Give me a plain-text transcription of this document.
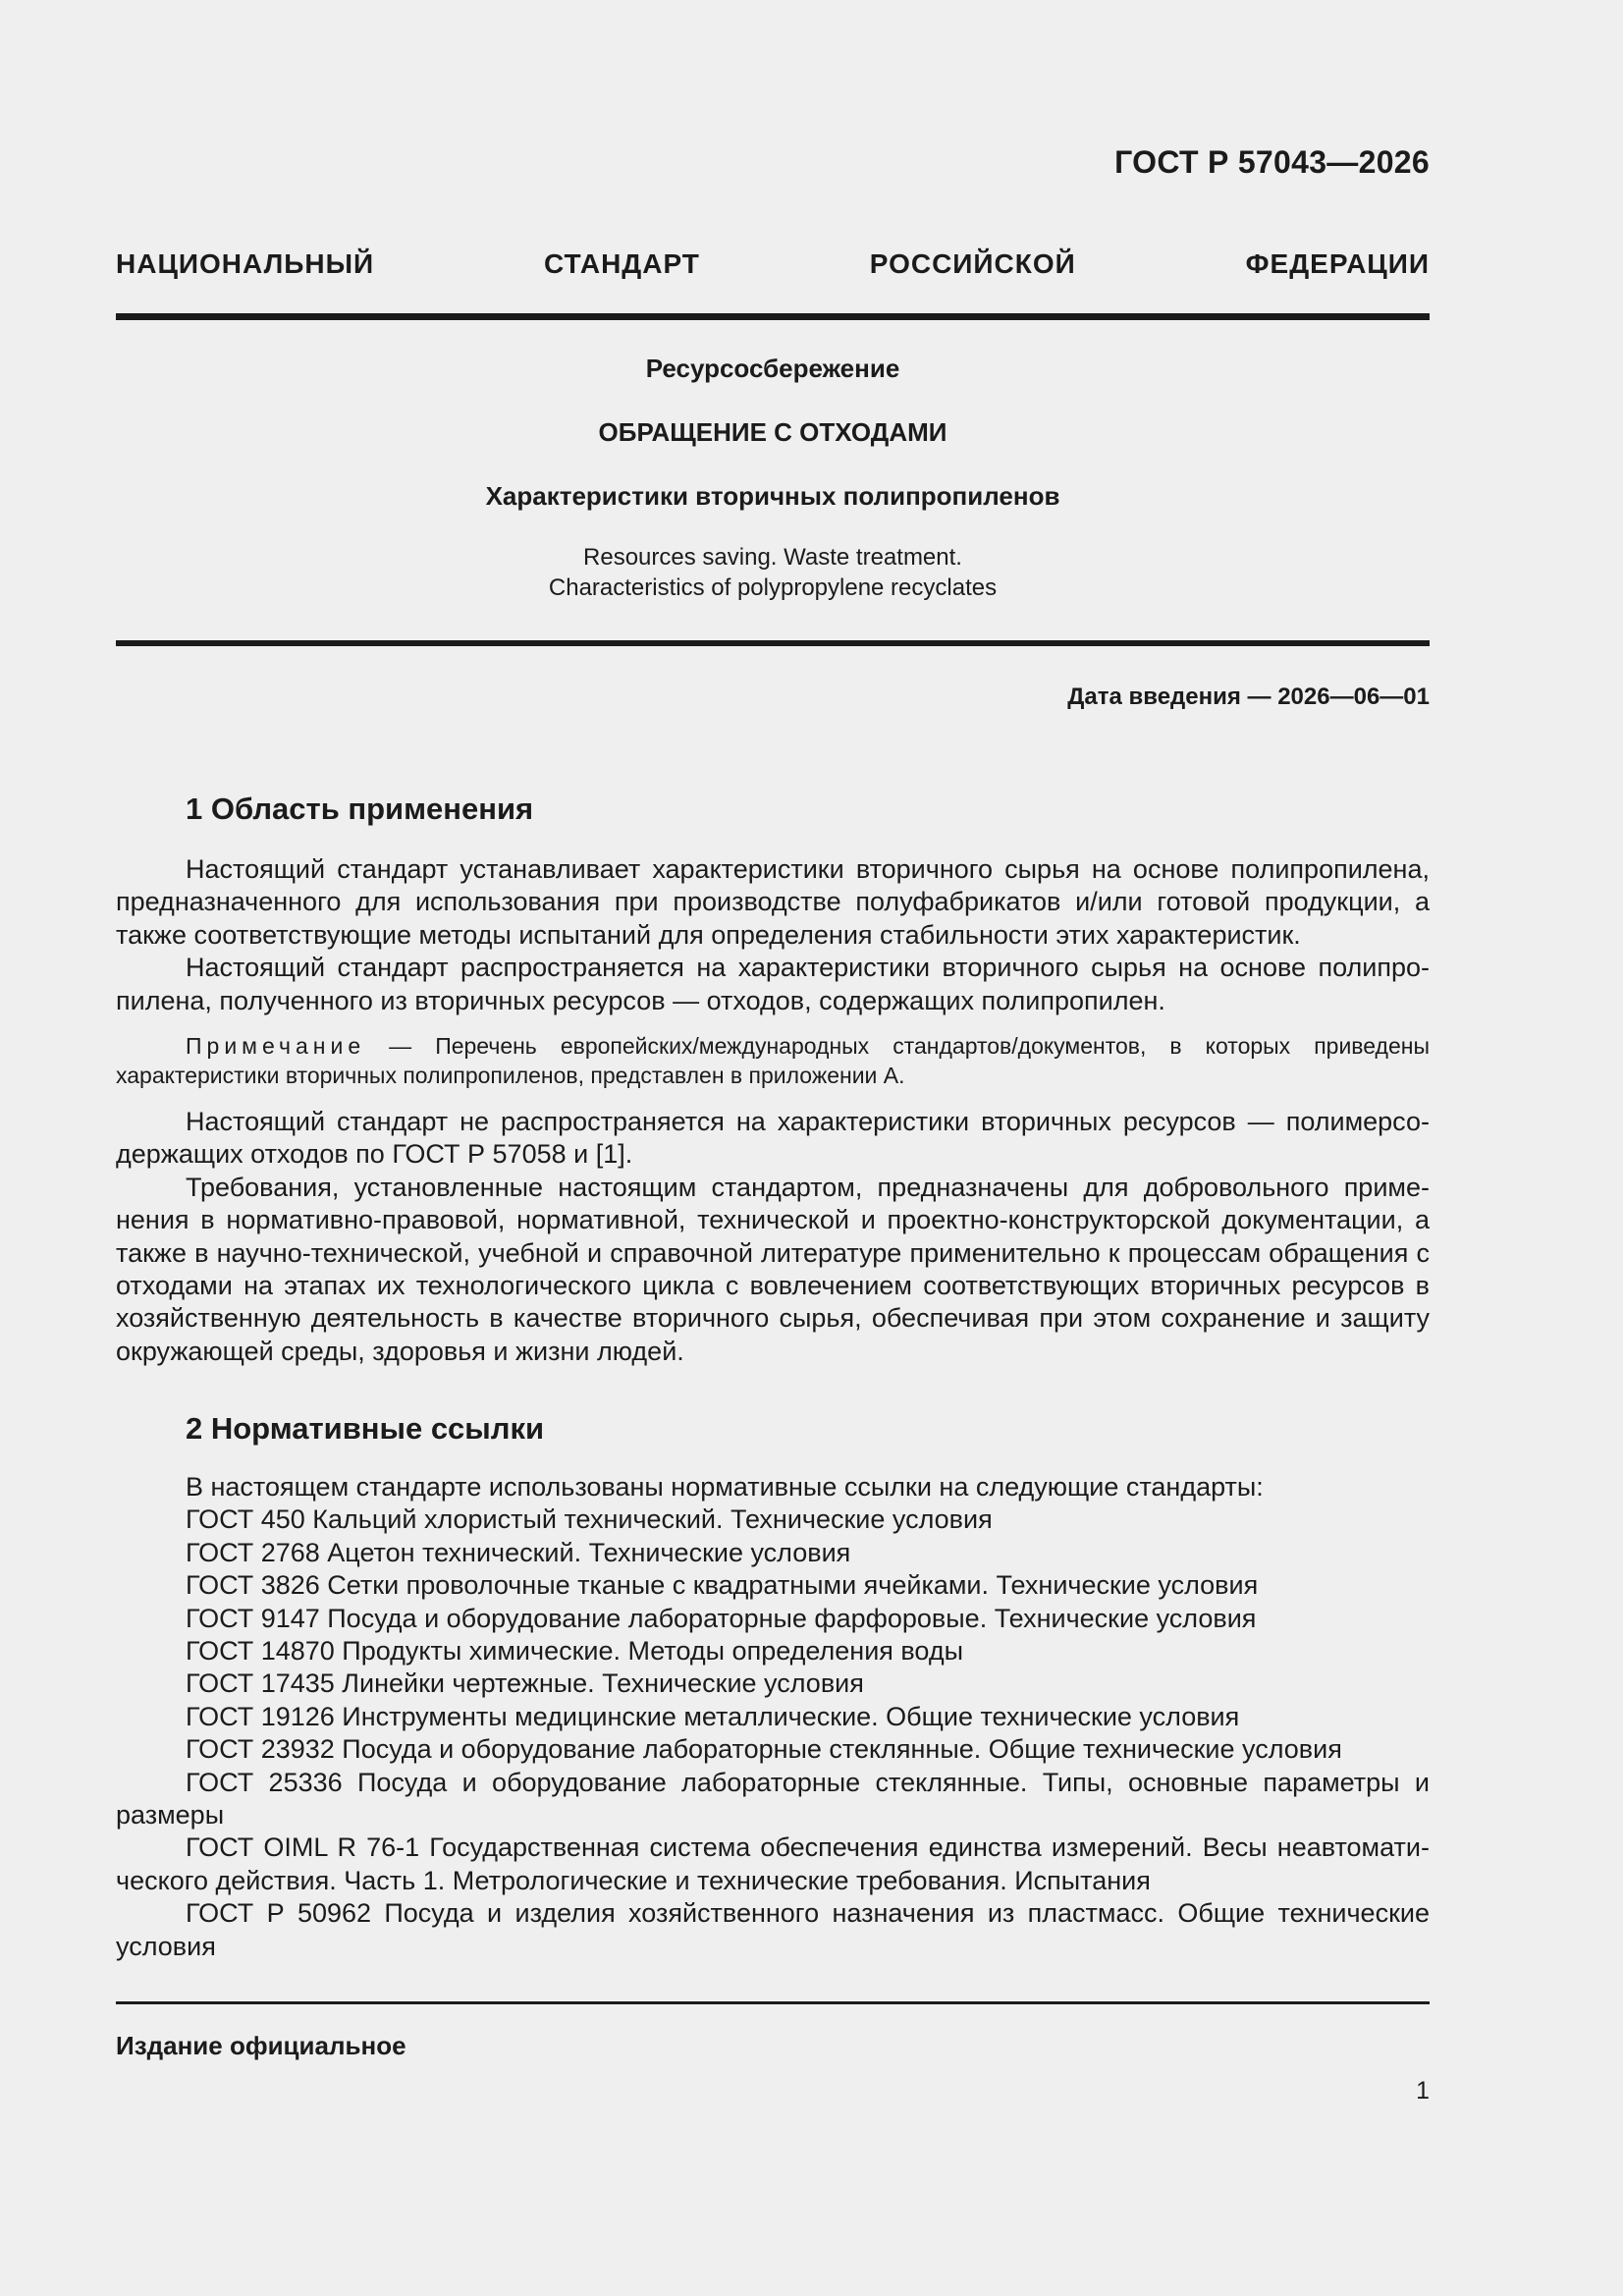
ГОСТ Р 57043—2026
НАЦИОНАЛЬНЫЙ СТАНДАРТ РОССИЙСКОЙ ФЕДЕРАЦИИ
Ресурсосбережение
ОБРАЩЕНИЕ С ОТХОДАМИ
Характеристики вторичных полипропиленов
Resources saving. Waste treatment.
Characteristics of polypropylene recyclates
Дата введения — 2026—06—01
1 Область применения

Настоящий стандарт устанавливает характеристики вторичного сырья на основе полипропилена, предназначенного для использования при производстве полуфабрикатов и/или готовой продукции, а также соответствующие методы испытаний для определения стабильности этих характеристик.

Настоящий стандарт распространяется на характеристики вторичного сырья на основе полипропилена, полученного из вторичных ресурсов — отходов, содержащих полипропилен.

Примечание — Перечень европейских/международных стандартов/документов, в которых приведены характеристики вторичных полипропиленов, представлен в приложении А.

Настоящий стандарт не распространяется на характеристики вторичных ресурсов — полимерсодержащих отходов по ГОСТ Р 57058 и [1].

Требования, установленные настоящим стандартом, предназначены для добровольного применения в нормативно-правовой, нормативной, технической и проектно-конструкторской документации, а также в научно-технической, учебной и справочной литературе применительно к процессам обращения с отходами на этапах их технологического цикла с вовлечением соответствующих вторичных ресурсов в хозяйственную деятельность в качестве вторичного сырья, обеспечивая при этом сохранение и защиту окружающей среды, здоровья и жизни людей.

2 Нормативные ссылки

В настоящем стандарте использованы нормативные ссылки на следующие стандарты:

ГОСТ 450 Кальций хлористый технический. Технические условия

ГОСТ 2768 Ацетон технический. Технические условия

ГОСТ 3826 Сетки проволочные тканые с квадратными ячейками. Технические условия

ГОСТ 9147 Посуда и оборудование лабораторные фарфоровые. Технические условия

ГОСТ 14870 Продукты химические. Методы определения воды

ГОСТ 17435 Линейки чертежные. Технические условия

ГОСТ 19126 Инструменты медицинские металлические. Общие технические условия

ГОСТ 23932 Посуда и оборудование лабораторные стеклянные. Общие технические условия

ГОСТ 25336 Посуда и оборудование лабораторные стеклянные. Типы, основные параметры и размеры

ГОСТ OIML R 76-1 Государственная система обеспечения единства измерений. Весы неавтоматического действия. Часть 1. Метрологические и технические требования. Испытания

ГОСТ Р 50962 Посуда и изделия хозяйственного назначения из пластмасс. Общие технические условия

Издание официальное
1
